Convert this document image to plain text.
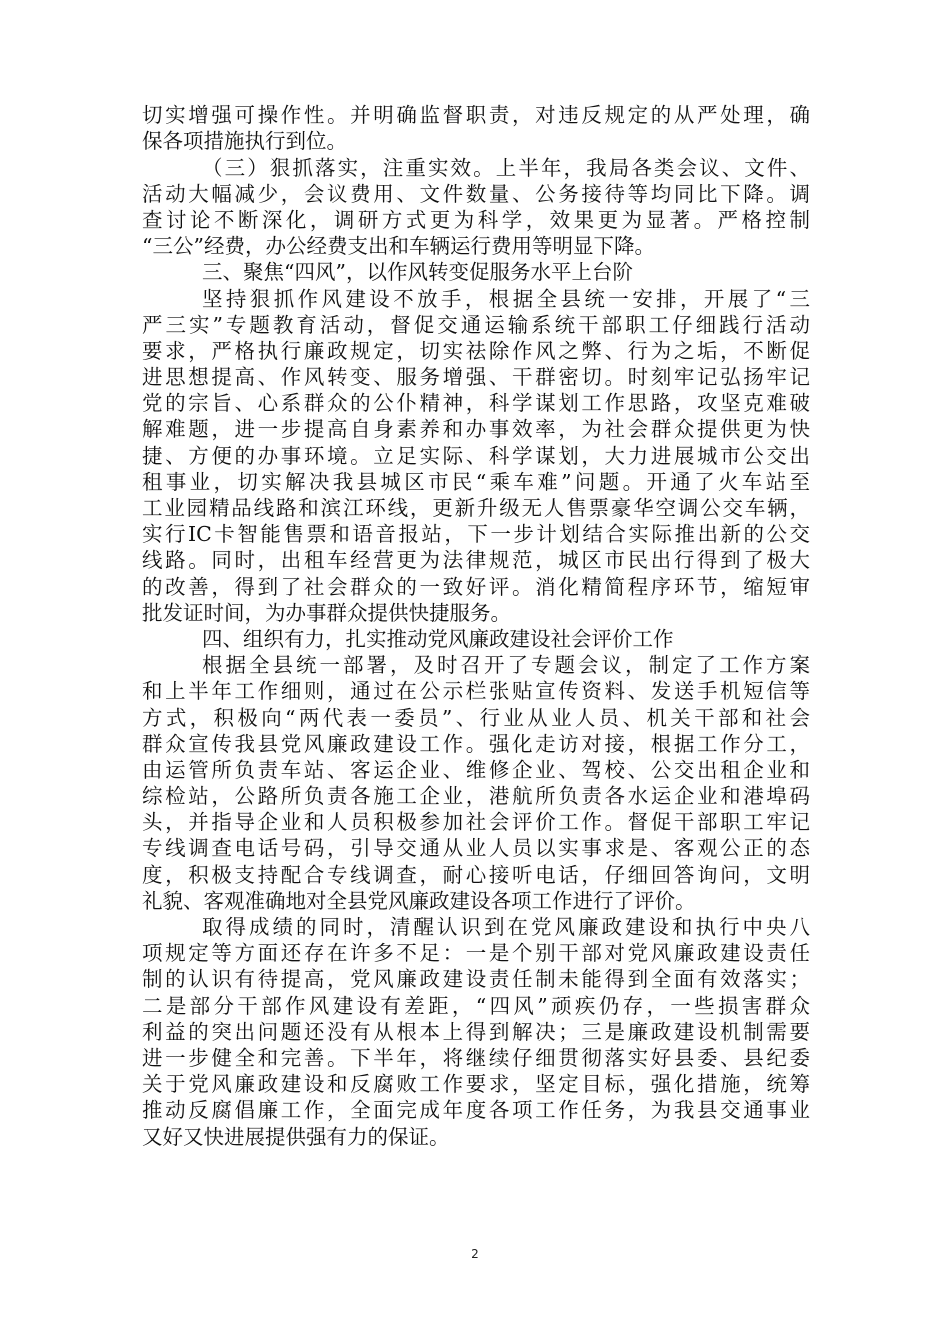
切实增强可操作性。并明确监督职责，对违反规定的从严处理，确
保各项措施执行到位。
（三）狠抓落实，注重实效。上半年，我局各类会议、文件、
活动大幅减少，会议费用、文件数量、公务接待等均同比下降。调
查讨论不断深化，调研方式更为科学，效果更为显著。严格控制
“三公”经费，办公经费支出和车辆运行费用等明显下降。
三、聚焦“四风”，以作风转变促服务水平上台阶
坚持狠抓作风建设不放手，根据全县统一安排，开展了“三
严三实”专题教育活动，督促交通运输系统干部职工仔细践行活动
要求，严格执行廉政规定，切实祛除作风之弊、行为之垢，不断促
进思想提高、作风转变、服务增强、干群密切。时刻牢记弘扬牢记
党的宗旨、心系群众的公仆精神，科学谋划工作思路，攻坚克难破
解难题，进一步提高自身素养和办事效率，为社会群众提供更为快
捷、方便的办事环境。立足实际、科学谋划，大力进展城市公交出
租事业，切实解决我县城区市民“乘车难”问题。开通了火车站至
工业园精品线路和滨江环线，更新升级无人售票豪华空调公交车辆，
实行IC卡智能售票和语音报站，下一步计划结合实际推出新的公交
线路。同时，出租车经营更为法律规范，城区市民出行得到了极大
的改善，得到了社会群众的一致好评。消化精简程序环节，缩短审
批发证时间，为办事群众提供快捷服务。
四、组织有力，扎实推动党风廉政建设社会评价工作
根据全县统一部署，及时召开了专题会议，制定了工作方案
和上半年工作细则，通过在公示栏张贴宣传资料、发送手机短信等
方式，积极向“两代表一委员”、行业从业人员、机关干部和社会
群众宣传我县党风廉政建设工作。强化走访对接，根据工作分工，
由运管所负责车站、客运企业、维修企业、驾校、公交出租企业和
综检站，公路所负责各施工企业，港航所负责各水运企业和港埠码
头，并指导企业和人员积极参加社会评价工作。督促干部职工牢记
专线调查电话号码，引导交通从业人员以实事求是、客观公正的态
度，积极支持配合专线调查，耐心接听电话，仔细回答询问，文明
礼貌、客观准确地对全县党风廉政建设各项工作进行了评价。
取得成绩的同时，清醒认识到在党风廉政建设和执行中央八
项规定等方面还存在许多不足：一是个别干部对党风廉政建设责任
制的认识有待提高，党风廉政建设责任制未能得到全面有效落实；
二是部分干部作风建设有差距，“四风”顽疾仍存，一些损害群众
利益的突出问题还没有从根本上得到解决；三是廉政建设机制需要
进一步健全和完善。下半年，将继续仔细贯彻落实好县委、县纪委
关于党风廉政建设和反腐败工作要求，坚定目标，强化措施，统筹
推动反腐倡廉工作，全面完成年度各项工作任务，为我县交通事业
又好又快进展提供强有力的保证。
2
